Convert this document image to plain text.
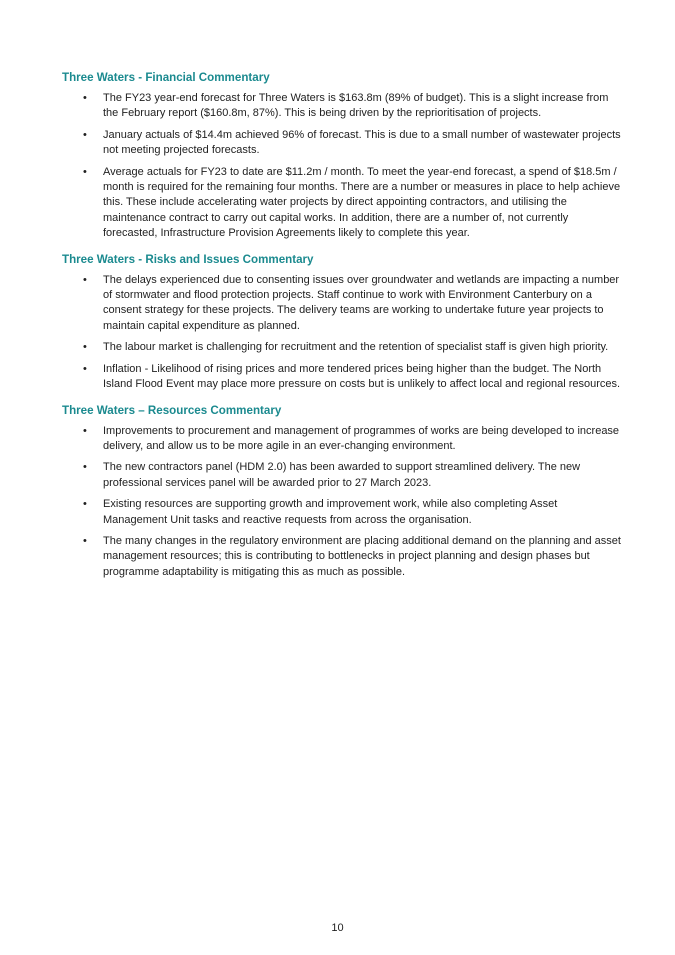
Three Waters - Financial Commentary
• The FY23 year-end forecast for Three Waters is $163.8m (89% of budget). This is a slight increase from the February report ($160.8m, 87%). This is being driven by the reprioritisation of projects.
• January actuals of $14.4m achieved 96% of forecast. This is due to a small number of wastewater projects not meeting projected forecasts.
• Average actuals for FY23 to date are $11.2m / month. To meet the year-end forecast, a spend of $18.5m / month is required for the remaining four months. There are a number or measures in place to help achieve this. These include accelerating water projects by direct appointing contractors, and utilising the maintenance contract to carry out capital works. In addition, there are a number of, not currently forecasted, Infrastructure Provision Agreements likely to complete this year.
Three Waters - Risks and Issues Commentary
• The delays experienced due to consenting issues over groundwater and wetlands are impacting a number of stormwater and flood protection projects. Staff continue to work with Environment Canterbury on a consent strategy for these projects. The delivery teams are working to undertake future year projects to maintain capital expenditure as planned.
• The labour market is challenging for recruitment and the retention of specialist staff is given high priority.
• Inflation - Likelihood of rising prices and more tendered prices being higher than the budget. The North Island Flood Event may place more pressure on costs but is unlikely to affect local and regional resources.
Three Waters – Resources Commentary
• Improvements to procurement and management of programmes of works are being developed to increase delivery, and allow us to be more agile in an ever-changing environment.
• The new contractors panel (HDM 2.0) has been awarded to support streamlined delivery. The new professional services panel will be awarded prior to 27 March 2023.
• Existing resources are supporting growth and improvement work, while also completing Asset Management Unit tasks and reactive requests from across the organisation.
• The many changes in the regulatory environment are placing additional demand on the planning and asset management resources; this is contributing to bottlenecks in project planning and design phases but programme adaptability is mitigating this as much as possible.
10
